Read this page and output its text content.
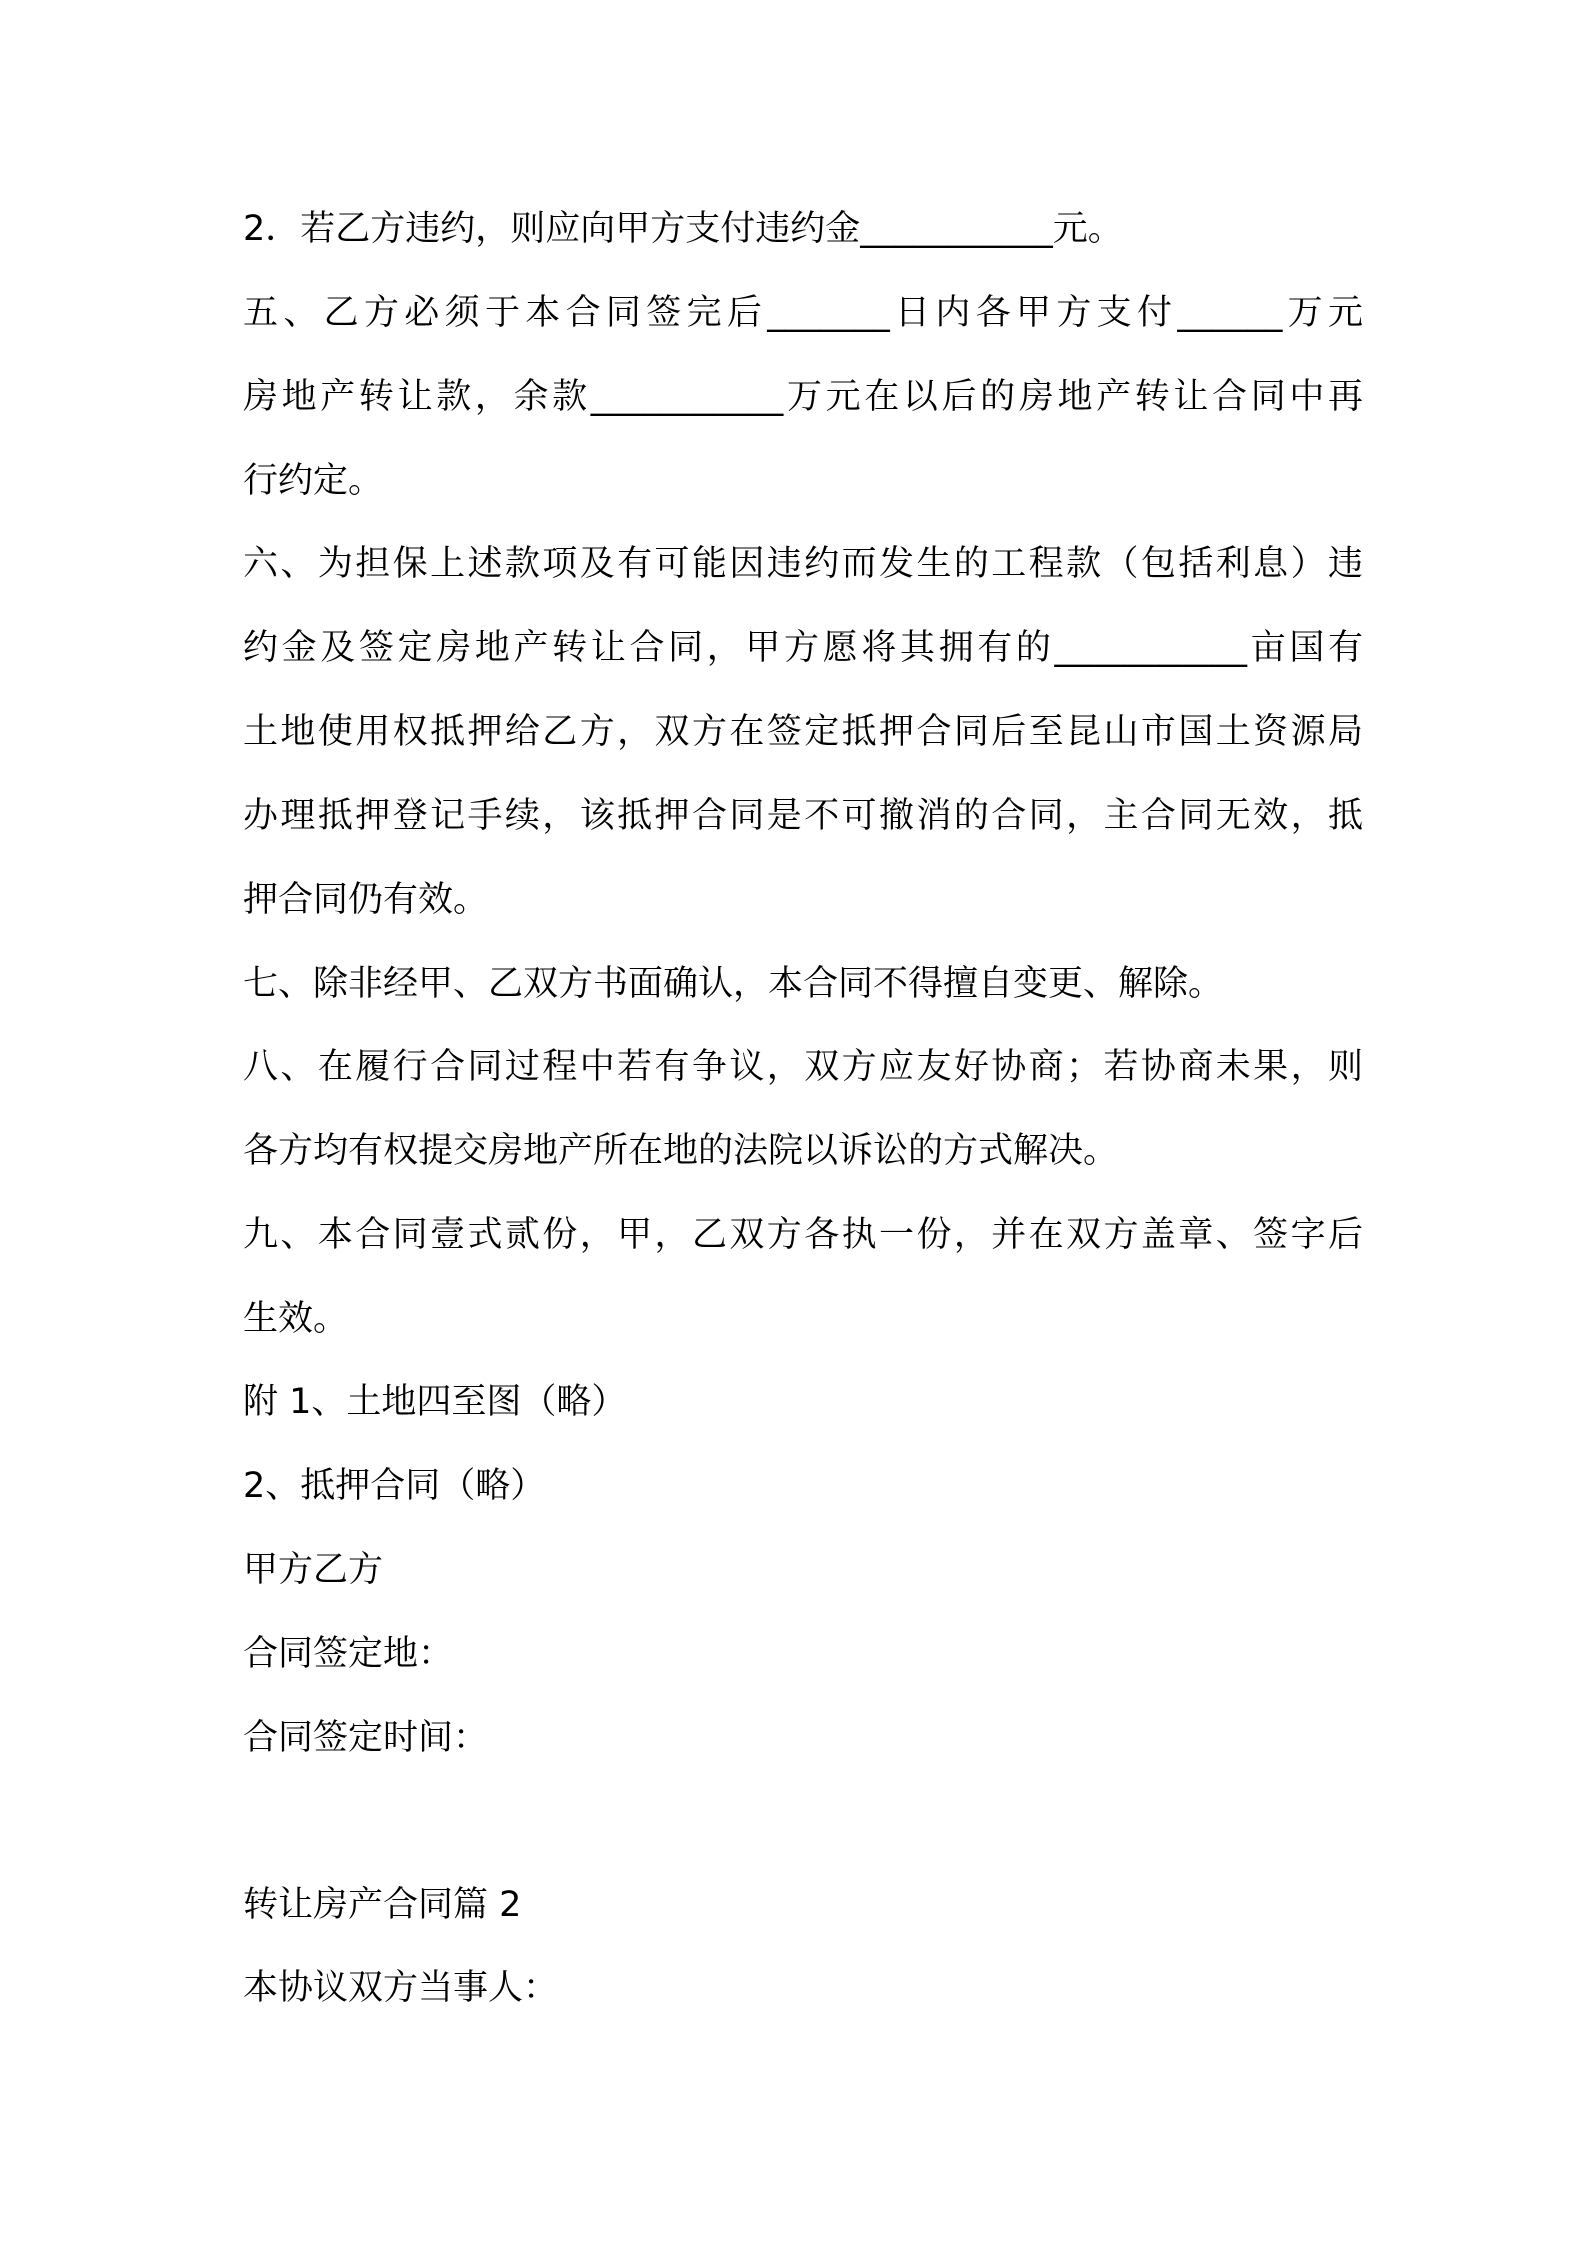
2．若乙方违约，则应向甲方支付违约金___________元。
五、乙方必须于本合同签完后_______日内各甲方支付______万元
房地产转让款，余款___________万元在以后的房地产转让合同中再
行约定。
六、为担保上述款项及有可能因违约而发生的工程款（包括利息）违
约金及签定房地产转让合同，甲方愿将其拥有的___________亩国有
土地使用权抵押给乙方，双方在签定抵押合同后至昆山市国土资源局
办理抵押登记手续，该抵押合同是不可撤消的合同，主合同无效，抵
押合同仍有效。
七、除非经甲、乙双方书面确认，本合同不得擅自变更、解除。
八、在履行合同过程中若有争议，双方应友好协商；若协商未果，则
各方均有权提交房地产所在地的法院以诉讼的方式解决。
九、本合同壹式贰份，甲，乙双方各执一份，并在双方盖章、签字后
生效。
附 1、土地四至图（略）
2、抵押合同（略）
甲方乙方
合同签定地：
合同签定时间：
转让房产合同篇 2
本协议双方当事人：
